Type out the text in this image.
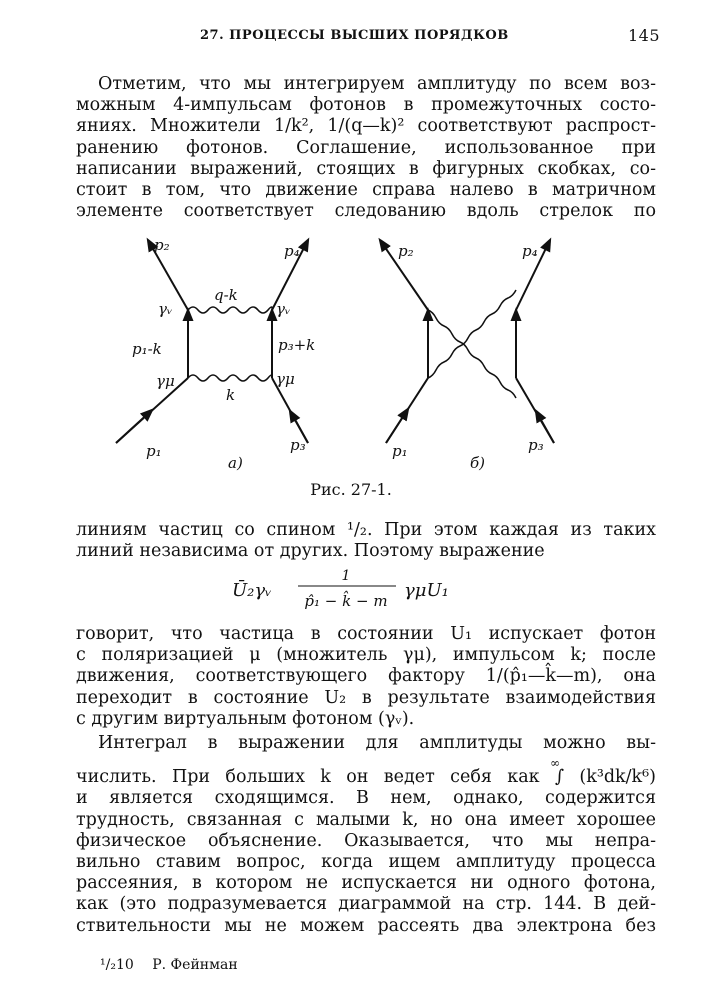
27. ПРОЦЕССЫ ВЫСШИХ ПОРЯДКОВ	145
Отметим, что мы интегрируем амплитуду по всем воз-
можным 4-импульсам фотонов в промежуточных состо-
яниях. Множители 1/k², 1/(q—k)² соответствуют распрост-
ранению фотонов. Соглашение, использованное при
написании выражений, стоящих в фигурных скобках, со-
стоит в том, что движение справа налево в матричном
элементе соответствует следованию вдоль стрелок по
p₂	p₄
p₁	p₃
q-k
k
p₁-k	p₃+k
γᵥ	γᵥ
γμ	γμ
а)
p₂	p₄
p₁	p₃
б)
Рис. 27-1.
линиям частиц со спином ¹/₂. При этом каждая из таких
линий независима от других. Поэтому выражение
Ū₂γᵥ
1
p̂₁ − k̂ − m γμU₁
говорит, что частица в состоянии U₁ испускает фотон
с поляризацией μ (множитель γμ), импульсом k; после
движения, соответствующего фактору 1/(p̂₁—k̂—m), она
переходит в состояние U₂ в результате взаимодействия
с другим виртуальным фотоном (γᵥ).
Интеграл в выражении для амплитуды можно вы-
числить. При больших k он ведет себя как ∫ (k³dk/k⁶)
и является сходящимся. В нем, однако, содержится
трудность, связанная с малыми k, но она имеет хорошее
физическое объяснение. Оказывается, что мы непра-
вильно ставим вопрос, когда ищем амплитуду процесса
рассеяния, в котором не испускается ни одного фотона,
как (это подразумевается диаграммой на стр. 144. В дей-
ствительности мы не можем рассеять два электрона без
∞
¹/₂10 Р. Фейнман
